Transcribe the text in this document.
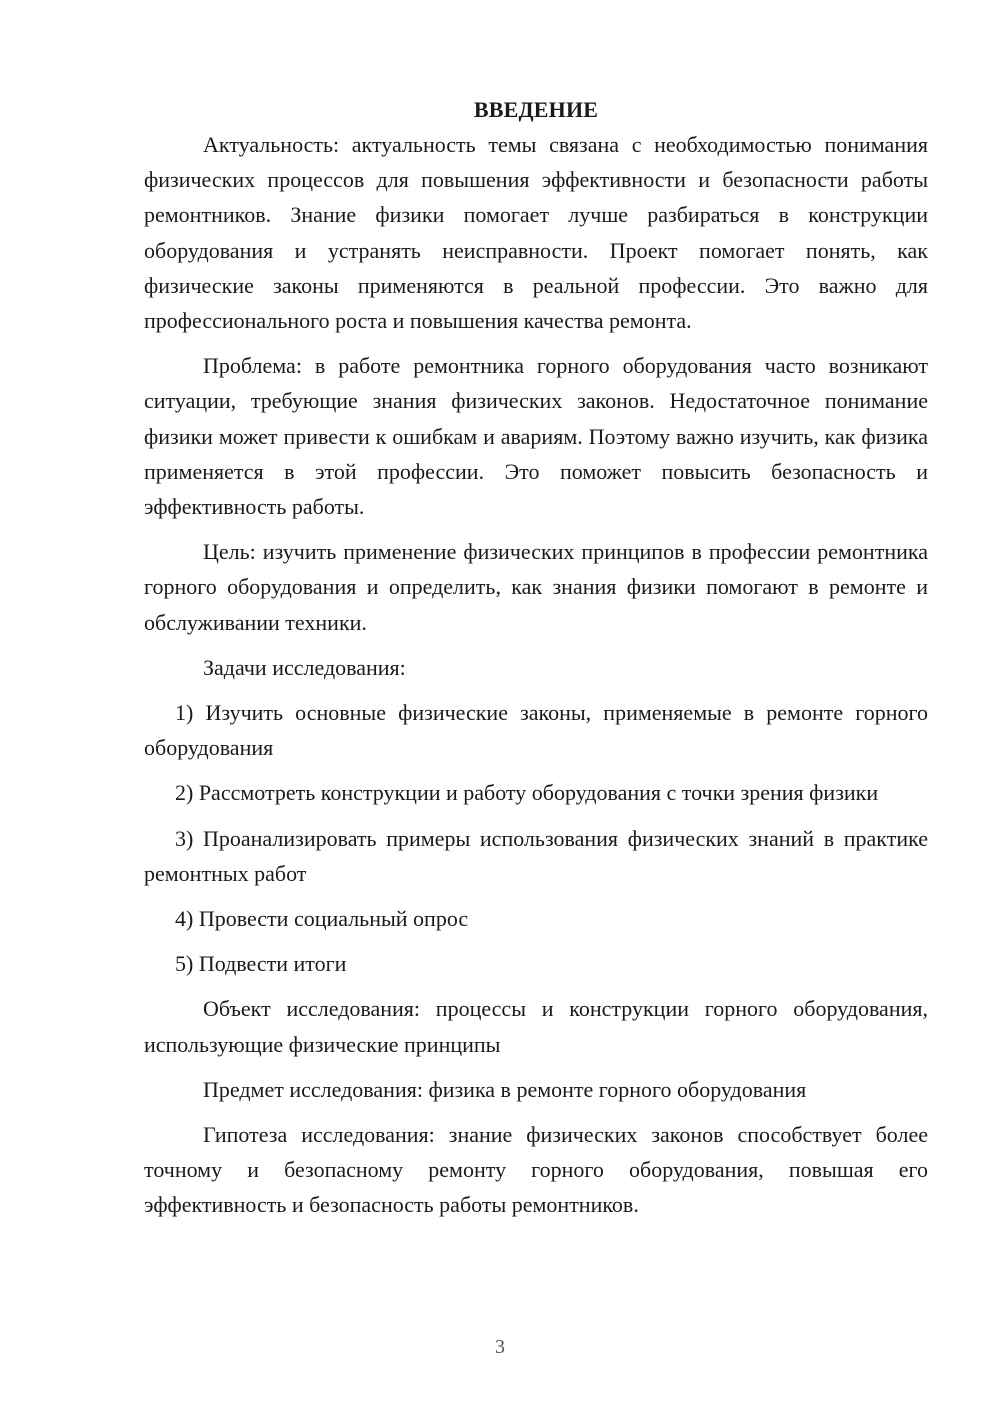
ВВЕДЕНИЕ

Актуальность: актуальность темы связана с необходимостью понимания физических процессов для повышения эффективности и безопасности работы ремонтников. Знание физики помогает лучше разбираться в конструкции оборудования и устранять неисправности. Проект помогает понять, как физические законы применяются в реальной профессии. Это важно для профессионального роста и повышения качества ремонта.

Проблема: в работе ремонтника горного оборудования часто возникают ситуации, требующие знания физических законов. Недостаточное понимание физики может привести к ошибкам и авариям. Поэтому важно изучить, как физика применяется в этой профессии. Это поможет повысить безопасность и эффективность работы.

Цель: изучить применение физических принципов в профессии ремонтника горного оборудования и определить, как знания физики помогают в ремонте и обслуживании техники.

Задачи исследования:

1) Изучить основные физические законы, применяемые в ремонте горного оборудования

2) Рассмотреть конструкции и работу оборудования с точки зрения физики

3) Проанализировать примеры использования физических знаний в практике ремонтных работ

4) Провести социальный опрос

5) Подвести итоги

Объект исследования: процессы и конструкции горного оборудования, использующие физические принципы

Предмет исследования: физика в ремонте горного оборудования

Гипотеза исследования: знание физических законов способствует более точному и безопасному ремонту горного оборудования, повышая его эффективность и безопасность работы ремонтников.

3
